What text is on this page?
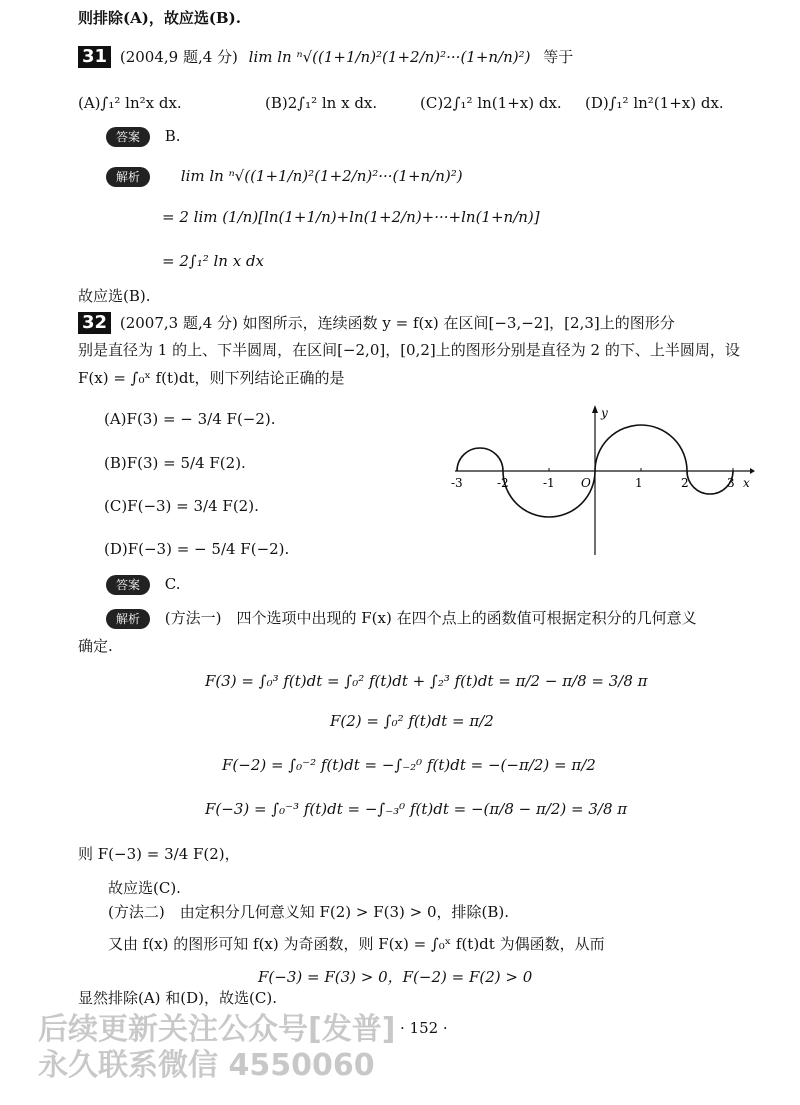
则排除(A)，故应选(B).
31 (2004,9 题,4 分) lim ln ⁿ√((1+1/n)²(1+2/n)²···(1+n/n)²) 等于
(A)∫₁² ln²x dx.	(B)2∫₁² ln x dx.	(C)2∫₁² ln(1+x) dx. (D)∫₁² ln²(1+x) dx.
答案 B.
解析	lim ln ⁿ√((1+1/n)²(1+2/n)²···(1+n/n)²)
= 2 lim (1/n)[ln(1+1/n)+ln(1+2/n)+···+ln(1+n/n)]
= 2∫₁² ln x dx
故应选(B).
32 (2007,3 题,4 分) 如图所示，连续函数 y = f(x) 在区间[−3,−2]，[2,3]上的图形分
别是直径为 1 的上、下半圆周，在区间[−2,0]，[0,2]上的图形分别是直径为 2 的下、上半圆周，设
F(x) = ∫₀ˣ f(t)dt，则下列结论正确的是
(A)F(3) = − 3/4 F(−2).
(B)F(3) = 5/4 F(2).
(C)F(−3) = 3/4 F(2).
(D)F(−3) = − 5/4 F(−2).
y
x
-3	-2	-1 O	1	2	3
答案 C.
解析 (方法一)　四个选项中出现的 F(x) 在四个点上的函数值可根据定积分的几何意义
确定.
F(3) = ∫₀³ f(t)dt = ∫₀² f(t)dt + ∫₂³ f(t)dt = π/2 − π/8 = 3/8 π
F(2) = ∫₀² f(t)dt = π/2
F(−2) = ∫₀⁻² f(t)dt = −∫₋₂⁰ f(t)dt = −(−π/2) = π/2
F(−3) = ∫₀⁻³ f(t)dt = −∫₋₃⁰ f(t)dt = −(π/8 − π/2) = 3/8 π
则 F(−3) = 3/4 F(2)，
故应选(C).
(方法二)　由定积分几何意义知 F(2) > F(3) > 0，排除(B).
又由 f(x) 的图形可知 f(x) 为奇函数，则 F(x) = ∫₀ˣ f(t)dt 为偶函数，从而
F(−3) = F(3) > 0，F(−2) = F(2) > 0
显然排除(A) 和(D)，故选(C).
· 152 ·
后续更新关注公众号[发普]
永久联系微信 4550060
